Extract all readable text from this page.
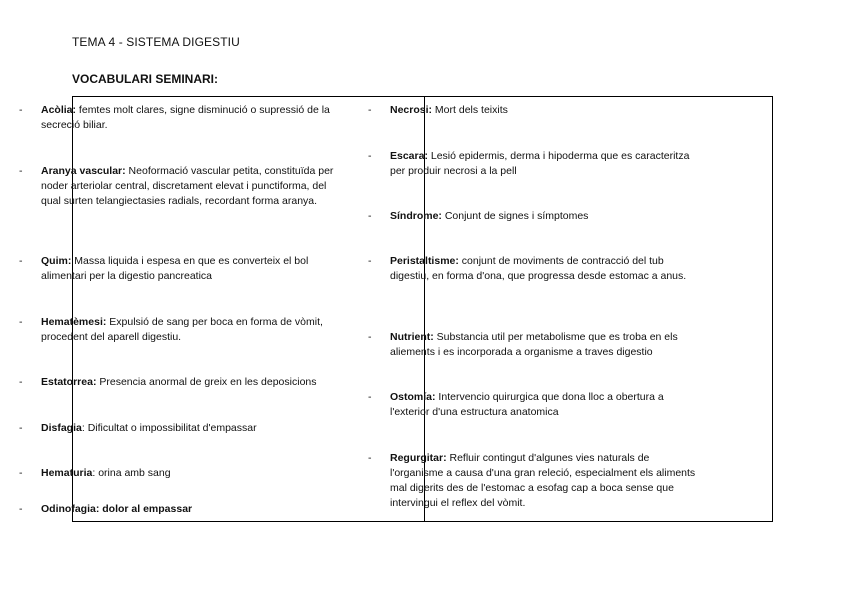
TEMA 4 - SISTEMA DIGESTIU
VOCABULARI SEMINARI:
- Acòlia: femtes molt clares, signe disminució o supressió de la secreció biliar.
- Aranya vascular: Neoformació vascular petita, constituïda per noder arteriolar central, discretament elevat i punctiforma, del qual surten telangiectasies radials, recordant forma aranya.
- Quim: Massa liquida i espesa en que es converteix el bol alimentari per la digestio pancreatica
- Hematèmesi: Expulsió de sang per boca en forma de vòmit, procedent del aparell digestiu.
- Estatorrea: Presencia anormal de greix en les deposicions
- Disfagia: Dificultat o impossibilitat d'empassar
- Hematuria: orina amb sang
- Odinofagia: dolor al empassar
- Necrosi: Mort dels teixits
- Escara: Lesió epidermis, derma i hipoderma que es caracteritza per produir necrosi a la pell
- Síndrome: Conjunt de signes i símptomes
- Peristaltisme: conjunt de moviments de contracció del tub digestiu, en forma d'ona, que progressa desde estomac a anus.
- Nutrient: Substancia util per metabolisme que es troba en els aliements i es incorporada a organisme a traves digestio
- Ostomía: Intervencio quirurgica que dona lloc a obertura a l'exterior d'una estructura anatomica
- Regurgitar: Refluir contingut d'algunes vies naturals de l'organisme a causa d'una gran releció, especialment els aliments mal digerits des de l'estomac a esofag cap a boca sense que intervingui el reflex del vòmit.
